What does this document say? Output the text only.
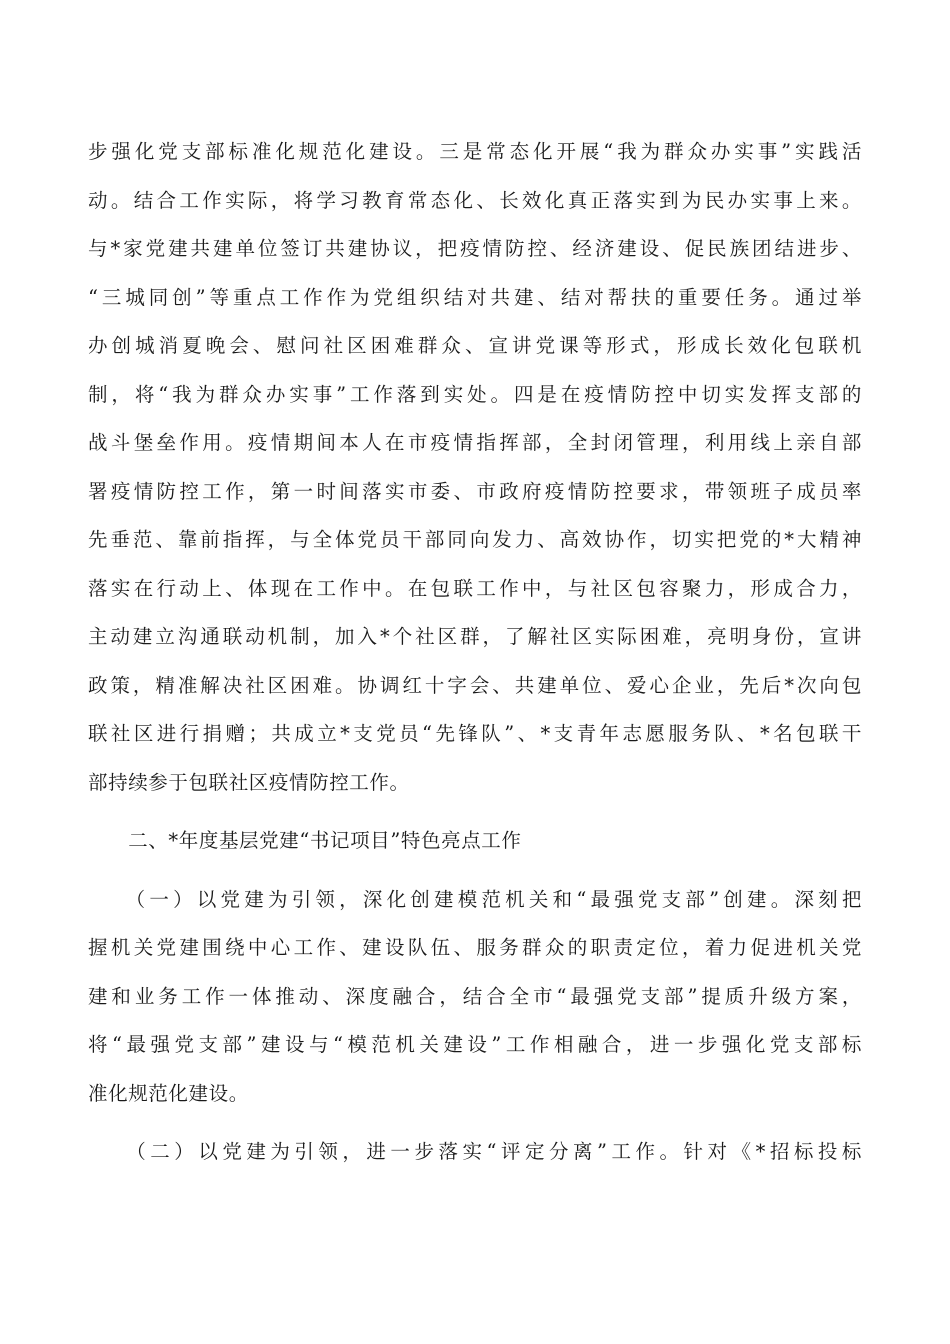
步强化党支部标准化规范化建设。三是常态化开展“我为群众办实事”实践活
动。结合工作实际，将学习教育常态化、长效化真正落实到为民办实事上来。
与*家党建共建单位签订共建协议，把疫情防控、经济建设、促民族团结进步、
“三城同创”等重点工作作为党组织结对共建、结对帮扶的重要任务。通过举
办创城消夏晚会、慰问社区困难群众、宣讲党课等形式，形成长效化包联机
制，将“我为群众办实事”工作落到实处。四是在疫情防控中切实发挥支部的
战斗堡垒作用。疫情期间本人在市疫情指挥部，全封闭管理，利用线上亲自部
署疫情防控工作，第一时间落实市委、市政府疫情防控要求，带领班子成员率
先垂范、靠前指挥，与全体党员干部同向发力、高效协作，切实把党的*大精神
落实在行动上、体现在工作中。在包联工作中，与社区包容聚力，形成合力，
主动建立沟通联动机制，加入*个社区群，了解社区实际困难，亮明身份，宣讲
政策，精准解决社区困难。协调红十字会、共建单位、爱心企业，先后*次向包
联社区进行捐赠；共成立*支党员“先锋队”、*支青年志愿服务队、*名包联干
部持续参于包联社区疫情防控工作。
　　二、*年度基层党建“书记项目”特色亮点工作
　　（一）以党建为引领，深化创建模范机关和“最强党支部”创建。深刻把
握机关党建围绕中心工作、建设队伍、服务群众的职责定位，着力促进机关党
建和业务工作一体推动、深度融合，结合全市“最强党支部”提质升级方案，
将“最强党支部”建设与“模范机关建设”工作相融合，进一步强化党支部标
准化规范化建设。
　　（二）以党建为引领，进一步落实“评定分离”工作。针对《*招标投标
